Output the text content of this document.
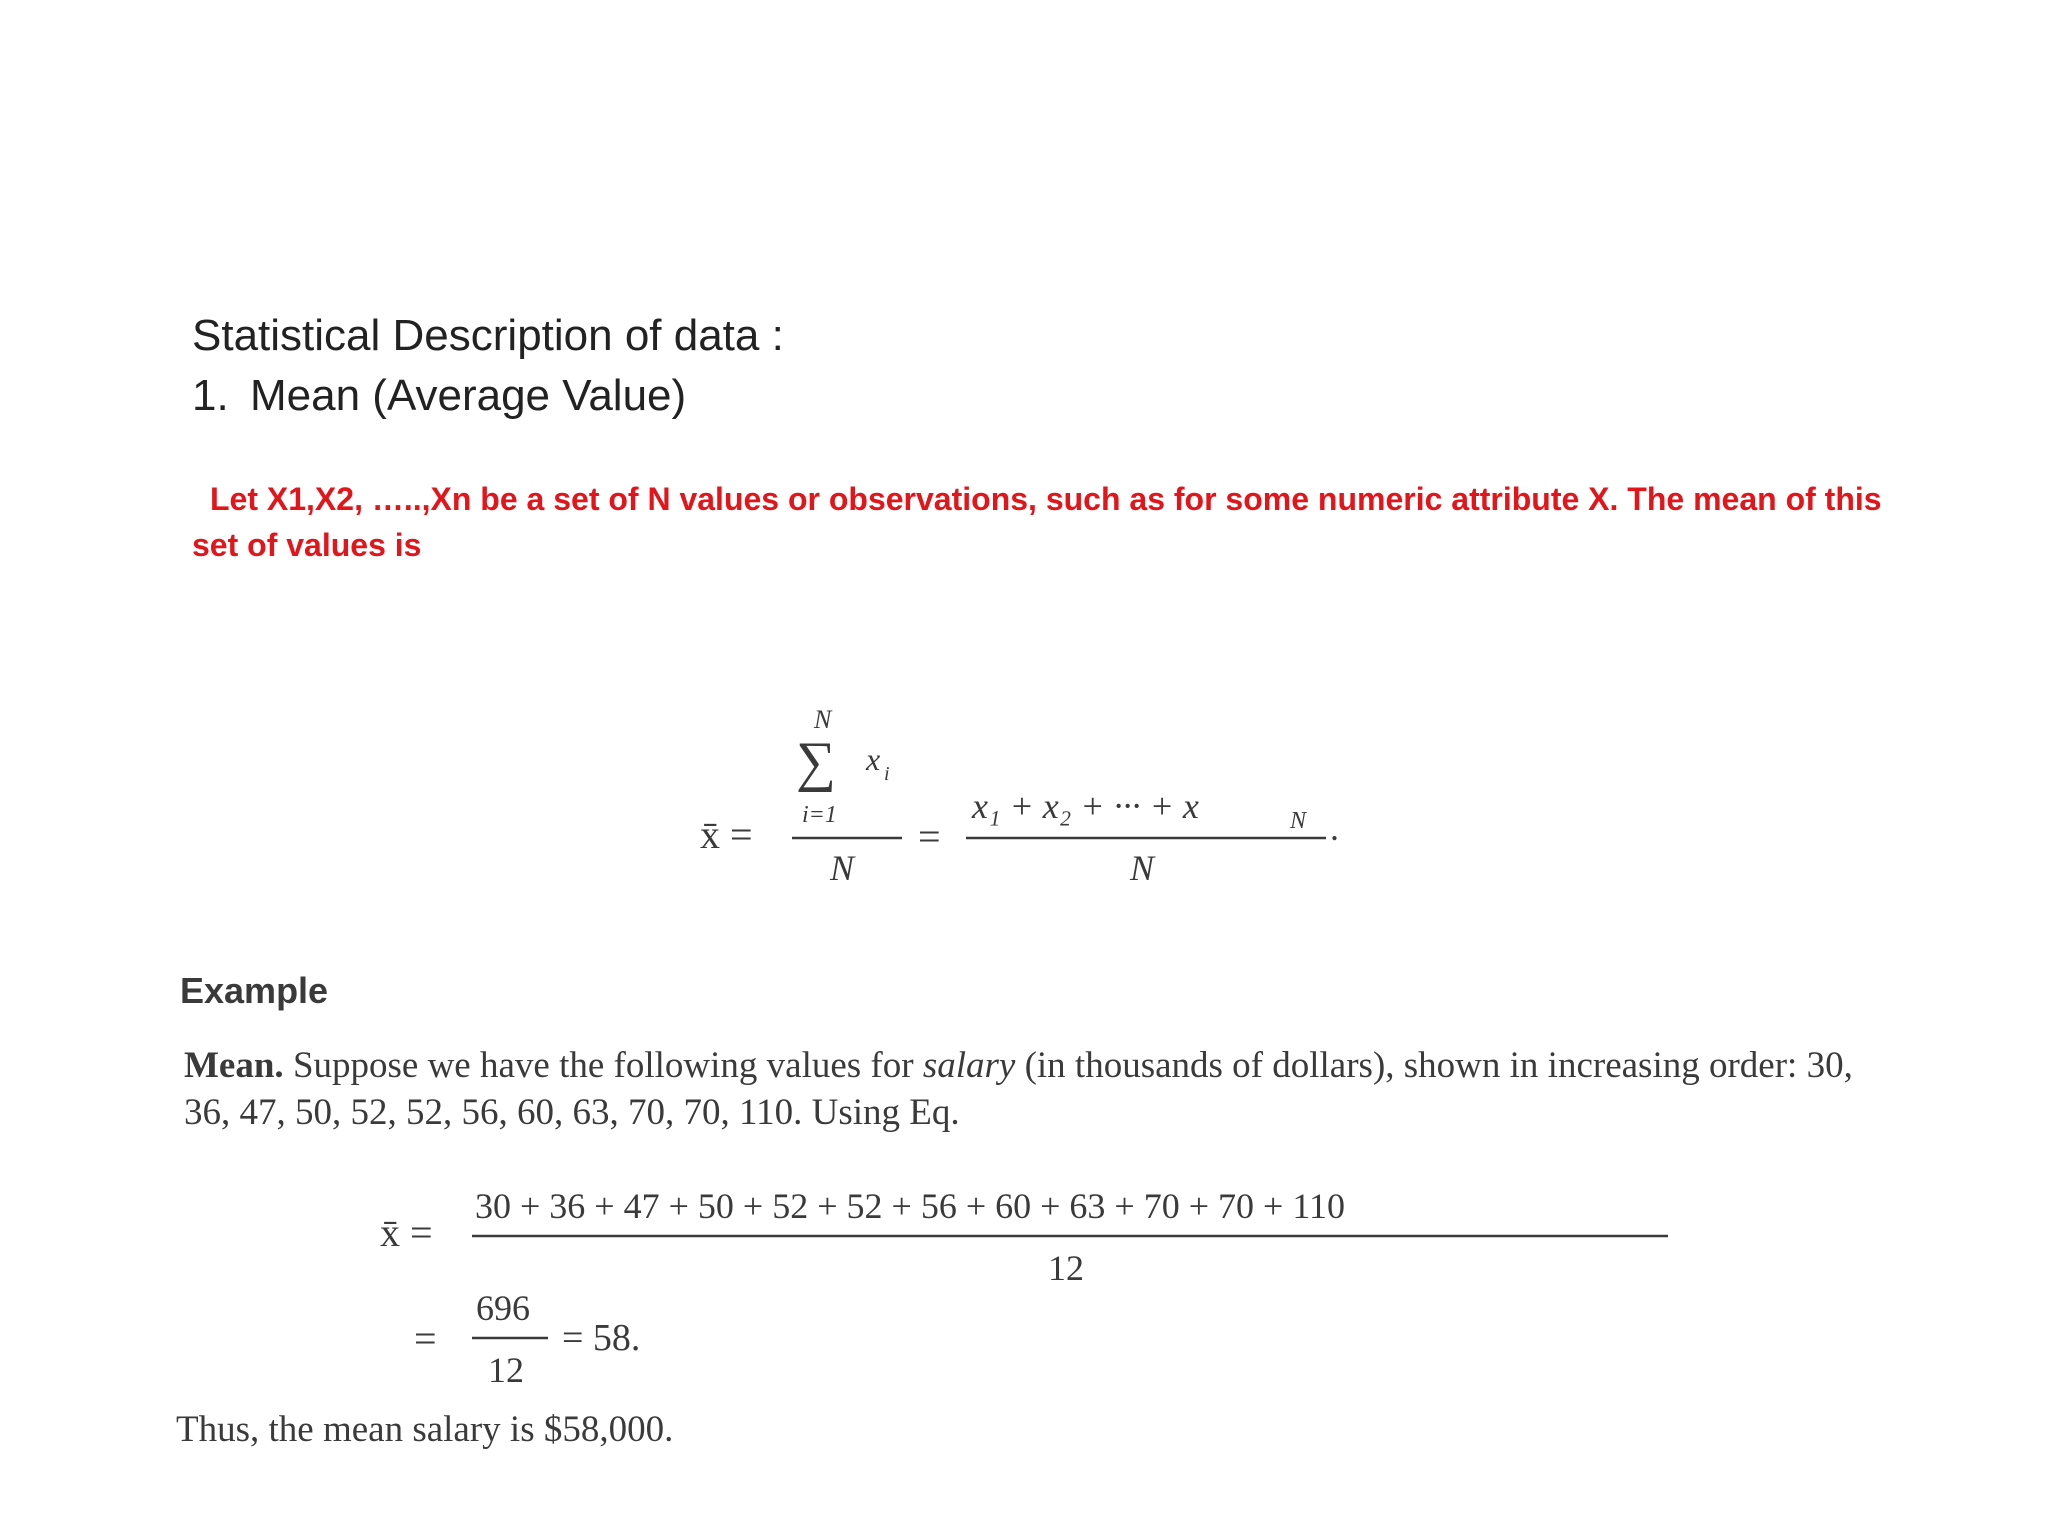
Statistical Description of data :
1. Mean (Average Value)
Let X1,X2, …..,Xn be a set of N values or observations, such as for some numeric attribute X. The mean of this set of values is
x̄ =
N
∑ x i
i=1
N
=
x₁ + x₂ + ··· + x	N
N
.
x̄ =
30 + 36 + 47 + 50 + 52 + 52 + 56 + 60 + 63 + 70 + 70 + 110
12
=
696
12
= 58.
Example
Mean. Suppose we have the following values for salary (in thousands of dollars), shown in increasing order: 30, 36, 47, 50, 52, 52, 56, 60, 63, 70, 70, 110. Using Eq.
Thus, the mean salary is $58,000.
